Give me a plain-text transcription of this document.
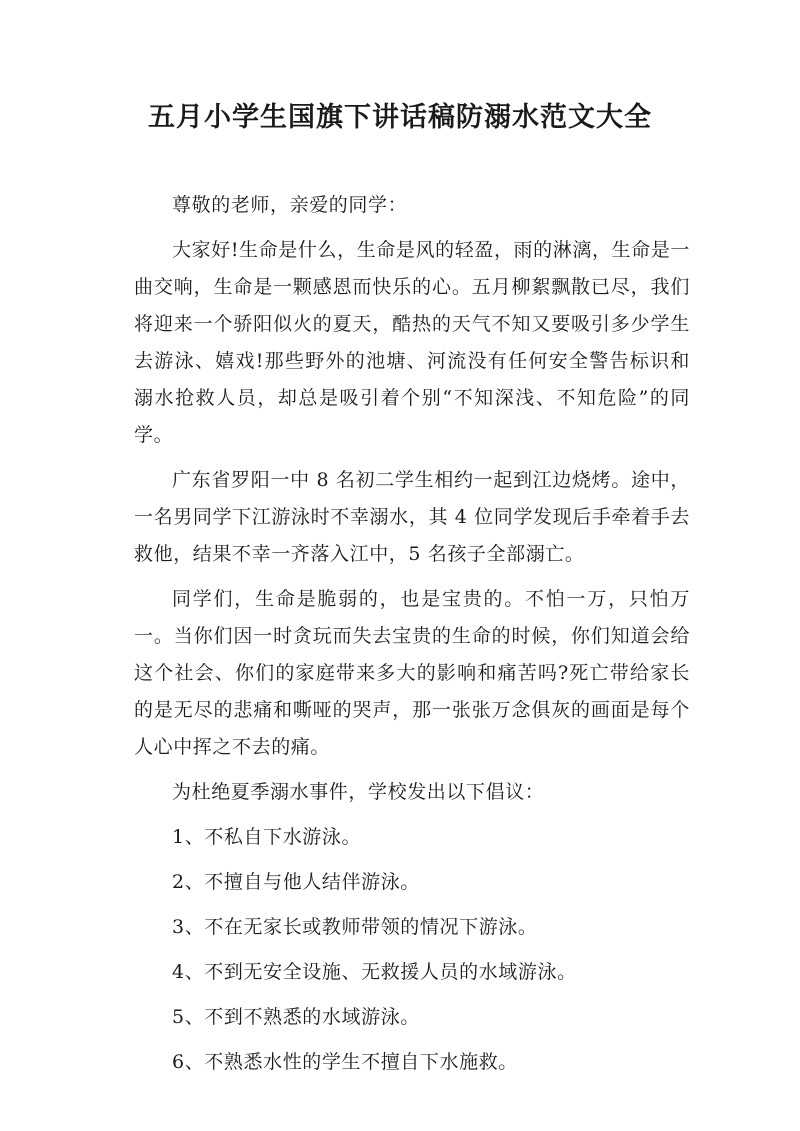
五月小学生国旗下讲话稿防溺水范文大全

尊敬的老师，亲爱的同学：

大家好!生命是什么，生命是风的轻盈，雨的淋漓，生命是一曲交响，生命是一颗感恩而快乐的心。五月柳絮飘散已尽，我们将迎来一个骄阳似火的夏天，酷热的天气不知又要吸引多少学生去游泳、嬉戏!那些野外的池塘、河流没有任何安全警告标识和溺水抢救人员，却总是吸引着个别“不知深浅、不知危险”的同学。

广东省罗阳一中 8 名初二学生相约一起到江边烧烤。途中，一名男同学下江游泳时不幸溺水，其 4 位同学发现后手牵着手去救他，结果不幸一齐落入江中，5 名孩子全部溺亡。

同学们，生命是脆弱的，也是宝贵的。不怕一万，只怕万一。当你们因一时贪玩而失去宝贵的生命的时候，你们知道会给这个社会、你们的家庭带来多大的影响和痛苦吗?死亡带给家长的是无尽的悲痛和嘶哑的哭声，那一张张万念俱灰的画面是每个人心中挥之不去的痛。

为杜绝夏季溺水事件，学校发出以下倡议：

1、不私自下水游泳。

2、不擅自与他人结伴游泳。

3、不在无家长或教师带领的情况下游泳。

4、不到无安全设施、无救援人员的水域游泳。

5、不到不熟悉的水域游泳。

6、不熟悉水性的学生不擅自下水施救。
